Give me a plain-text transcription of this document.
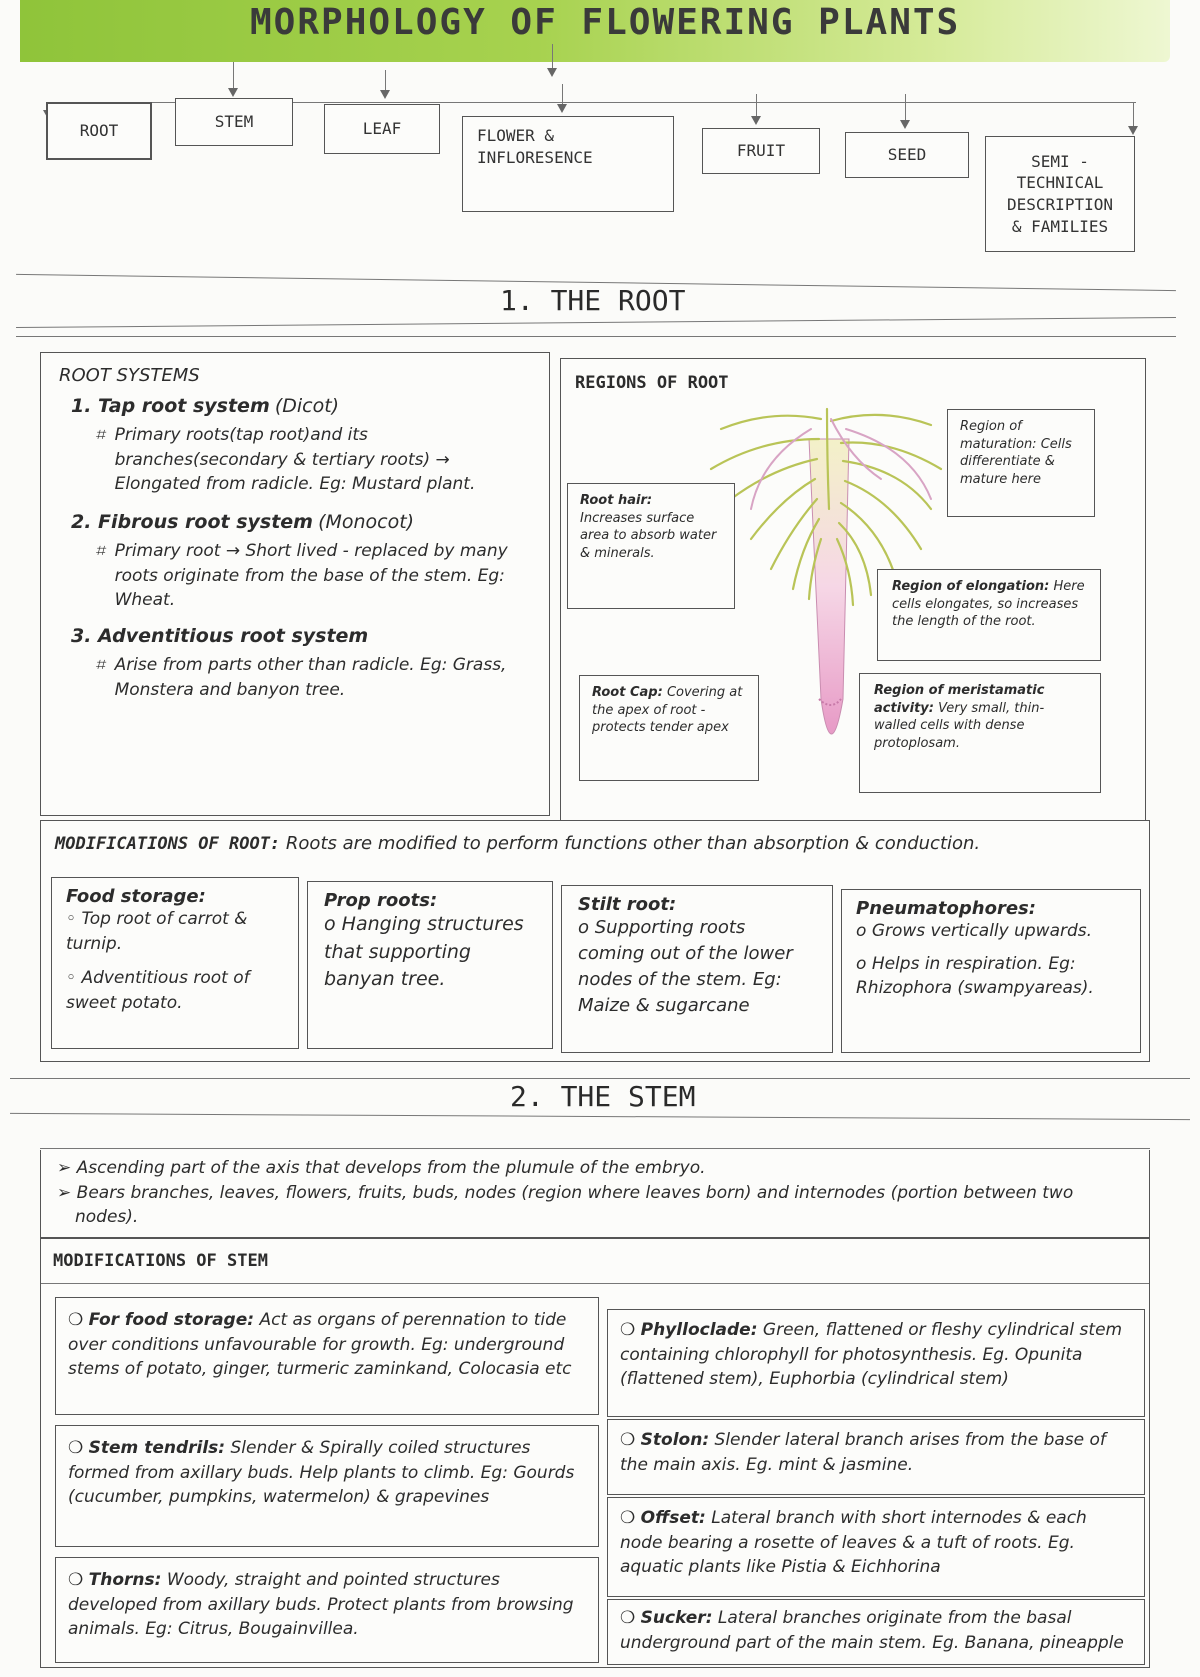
MORPHOLOGY OF FLOWERING PLANTS
ROOT	STEM	LEAF	FLOWER & INFLORESENCE	FRUIT	SEED	SEMI - TECHNICAL DESCRIPTION & FAMILIES
1. THE ROOT
ROOT SYSTEMS
1. Tap root system (Dicot)
⌗ Primary roots(tap root)and its branches(secondary & tertiary roots) → Elongated from radicle. Eg: Mustard plant.
2. Fibrous root system (Monocot)
⌗ Primary root → Short lived - replaced by many roots originate from the base of the stem. Eg: Wheat.
3. Adventitious root system
⌗ Arise from parts other than radicle. Eg: Grass, Monstera and banyon tree.
REGIONS OF ROOT
Region of maturation: Cells differentiate & mature here
Root hair:
Increases surface area to absorb water & minerals.
Region of elongation: Here cells elongates, so increases the length of the root.
Root Cap: Covering at the apex of root - protects tender apex
Region of meristamatic activity: Very small, thin-walled cells with dense protoplosam.
MODIFICATIONS OF ROOT: Roots are modified to perform functions other than absorption & conduction.
Food storage:
◦ Top root of carrot & turnip.
◦ Adventitious root of sweet potato.
Prop roots:
o Hanging structures that supporting banyan tree.
Stilt root:
o Supporting roots coming out of the lower nodes of the stem. Eg: Maize & sugarcane
Pneumatophores:
o Grows vertically upwards.
o Helps in respiration. Eg: Rhizophora (swampyareas).
2. THE STEM
➢ Ascending part of the axis that develops from the plumule of the embryo.
➢ Bears branches, leaves, flowers, fruits, buds, nodes (region where leaves born) and internodes (portion between two nodes).
MODIFICATIONS OF STEM
❍ For food storage: Act as organs of perennation to tide over conditions unfavourable for growth. Eg: underground stems of potato, ginger, turmeric zaminkand, Colocasia etc
❍ Stem tendrils: Slender & Spirally coiled structures formed from axillary buds. Help plants to climb. Eg: Gourds (cucumber, pumpkins, watermelon) & grapevines
❍ Thorns: Woody, straight and pointed structures developed from axillary buds. Protect plants from browsing animals. Eg: Citrus, Bougainvillea.
❍ Phylloclade: Green, flattened or fleshy cylindrical stem containing chlorophyll for photosynthesis. Eg. Opunita (flattened stem), Euphorbia (cylindrical stem)
❍ Stolon: Slender lateral branch arises from the base of the main axis. Eg. mint & jasmine.
❍ Offset: Lateral branch with short internodes & each node bearing a rosette of leaves & a tuft of roots. Eg. aquatic plants like Pistia & Eichhorina
❍ Sucker: Lateral branches originate from the basal underground part of the main stem. Eg. Banana, pineapple
